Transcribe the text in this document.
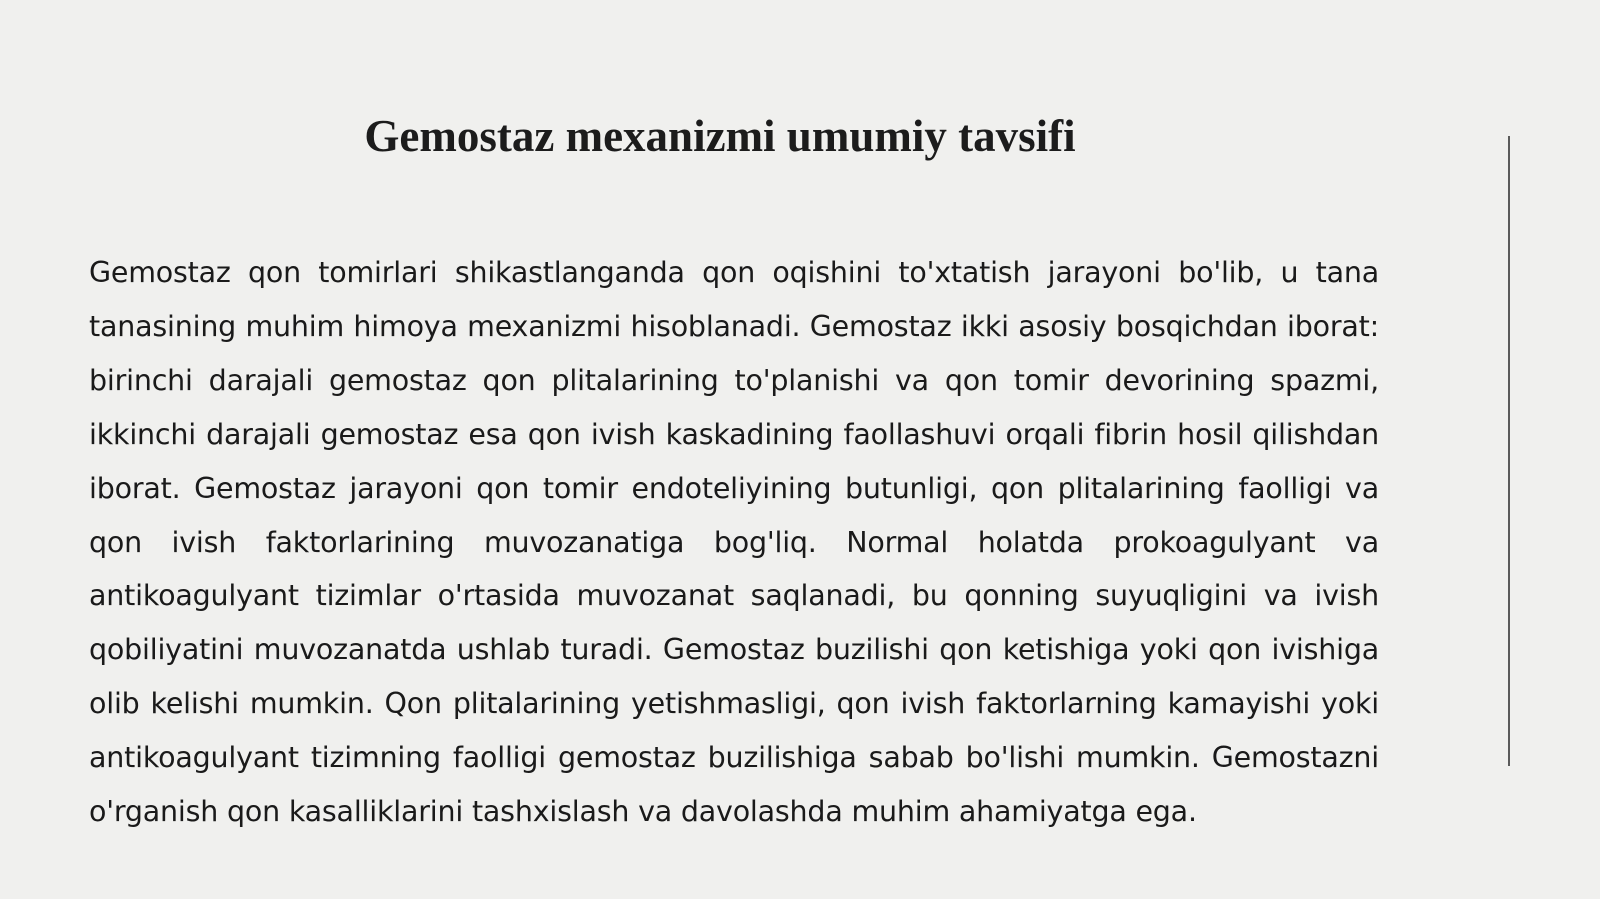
Gemostaz mexanizmi umumiy tavsifi

Gemostaz qon tomirlari shikastlanganda qon oqishini to'xtatish jarayoni bo'lib, u tana tanasining muhim himoya mexanizmi hisoblanadi. Gemostaz ikki asosiy bosqichdan iborat: birinchi darajali gemostaz qon plitalarining to'planishi va qon tomir devorining spazmi, ikkinchi darajali gemostaz esa qon ivish kaskadining faollashuvi orqali fibrin hosil qilishdan iborat. Gemostaz jarayoni qon tomir endoteliyining butunligi, qon plitalarining faolligi va qon ivish faktorlarining muvozanatiga bog'liq. Normal holatda prokoagulyant va antikoagulyant tizimlar o'rtasida muvozanat saqlanadi, bu qonning suyuqligini va ivish qobiliyatini muvozanatda ushlab turadi. Gemostaz buzilishi qon ketishiga yoki qon ivishiga olib kelishi mumkin. Qon plitalarining yetishmasligi, qon ivish faktorlarning kamayishi yoki antikoagulyant tizimning faolligi gemostaz buzilishiga sabab bo'lishi mumkin. Gemostazni o'rganish qon kasalliklarini tashxislash va davolashda muhim ahamiyatga ega.
